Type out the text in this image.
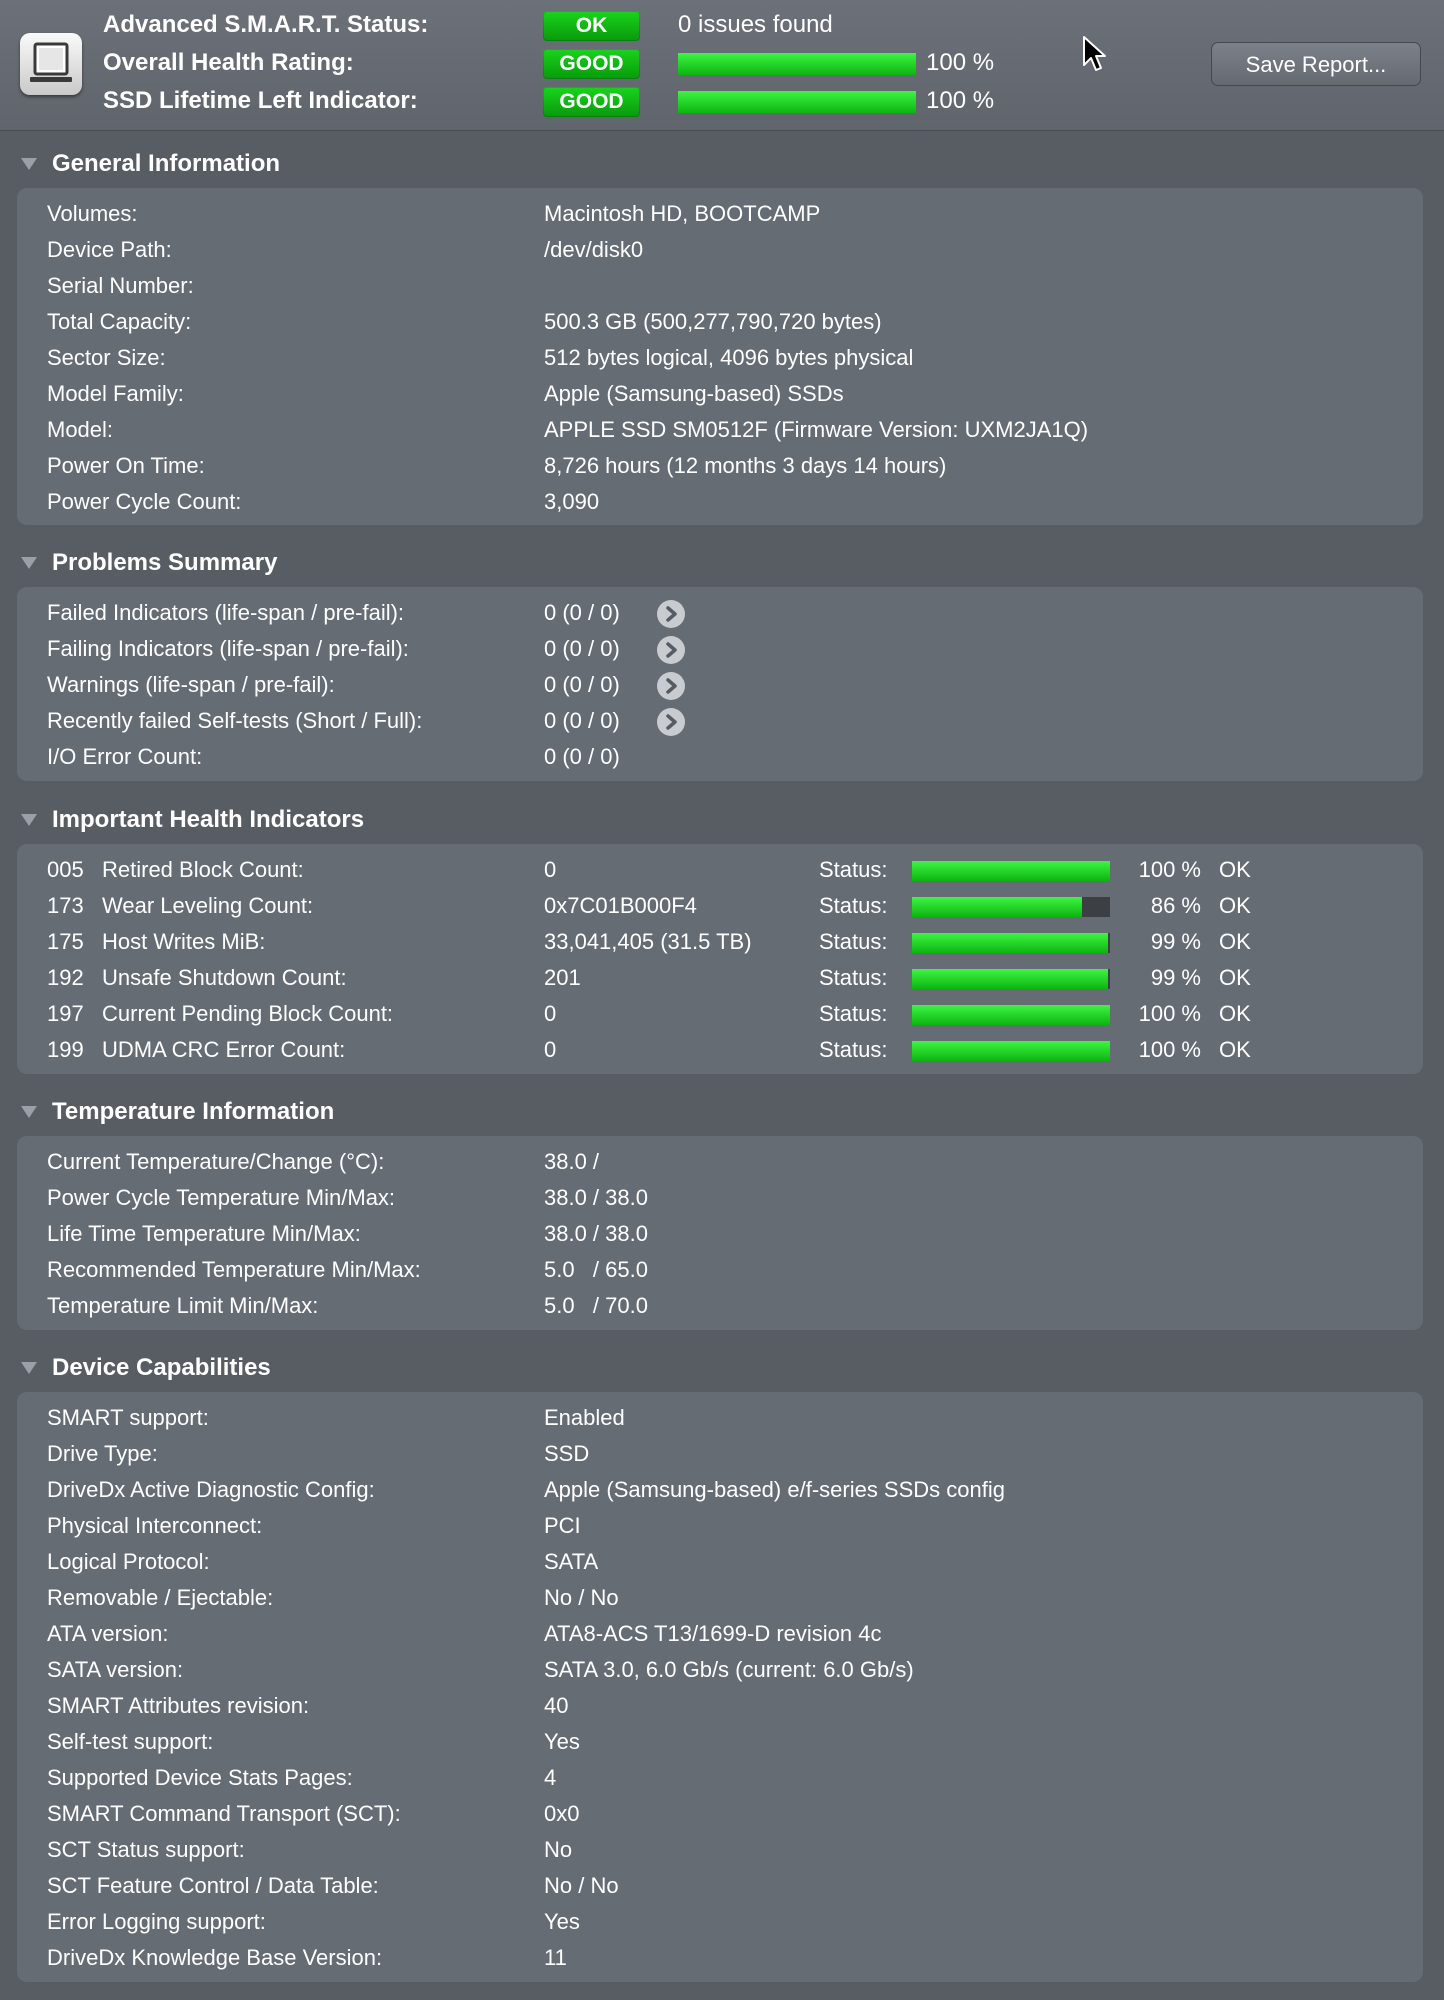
Advanced S.M.A.R.T. Status:	OK	0 issues found
Overall Health Rating:	GOOD	100 %
SSD Lifetime Left Indicator:	GOOD	100 %
Save Report...
General Information
Volumes:	Macintosh HD, BOOTCAMP
Device Path:	/dev/disk0
Serial Number:
Total Capacity:	500.3 GB (500,277,790,720 bytes)
Sector Size:	512 bytes logical, 4096 bytes physical
Model Family:	Apple (Samsung-based) SSDs
Model:	APPLE SSD SM0512F (Firmware Version: UXM2JA1Q)
Power On Time:	8,726 hours (12 months 3 days 14 hours)
Power Cycle Count:	3,090
Problems Summary
Failed Indicators (life-span / pre-fail):	0 (0 / 0)
Failing Indicators (life-span / pre-fail):	0 (0 / 0)
Warnings (life-span / pre-fail):	0 (0 / 0)
Recently failed Self-tests (Short / Full):	0 (0 / 0)
I/O Error Count:	0 (0 / 0)
Important Health Indicators
005 Retired Block Count:	0	Status:	100 % OK
173 Wear Leveling Count:	0x7C01B000F4	Status:	86 % OK
175 Host Writes MiB:	33,041,405 (31.5 TB)	Status:	99 % OK
192 Unsafe Shutdown Count:	201	Status:	99 % OK
197 Current Pending Block Count:	0	Status:	100 % OK
199 UDMA CRC Error Count:	0	Status:	100 % OK
Temperature Information
Current Temperature/Change (°C):	38.0 /
Power Cycle Temperature Min/Max:	38.0 / 38.0
Life Time Temperature Min/Max:	38.0 / 38.0
Recommended Temperature Min/Max:	5.0   / 65.0
Temperature Limit Min/Max:	5.0   / 70.0
Device Capabilities
SMART support:	Enabled
Drive Type:	SSD
DriveDx Active Diagnostic Config:	Apple (Samsung-based) e/f-series SSDs config
Physical Interconnect:	PCI
Logical Protocol:	SATA
Removable / Ejectable:	No / No
ATA version:	ATA8-ACS T13/1699-D revision 4c
SATA version:	SATA 3.0, 6.0 Gb/s (current: 6.0 Gb/s)
SMART Attributes revision:	40
Self-test support:	Yes
Supported Device Stats Pages:	4
SMART Command Transport (SCT):	0x0
SCT Status support:	No
SCT Feature Control / Data Table:	No / No
Error Logging support:	Yes
DriveDx Knowledge Base Version:	11
